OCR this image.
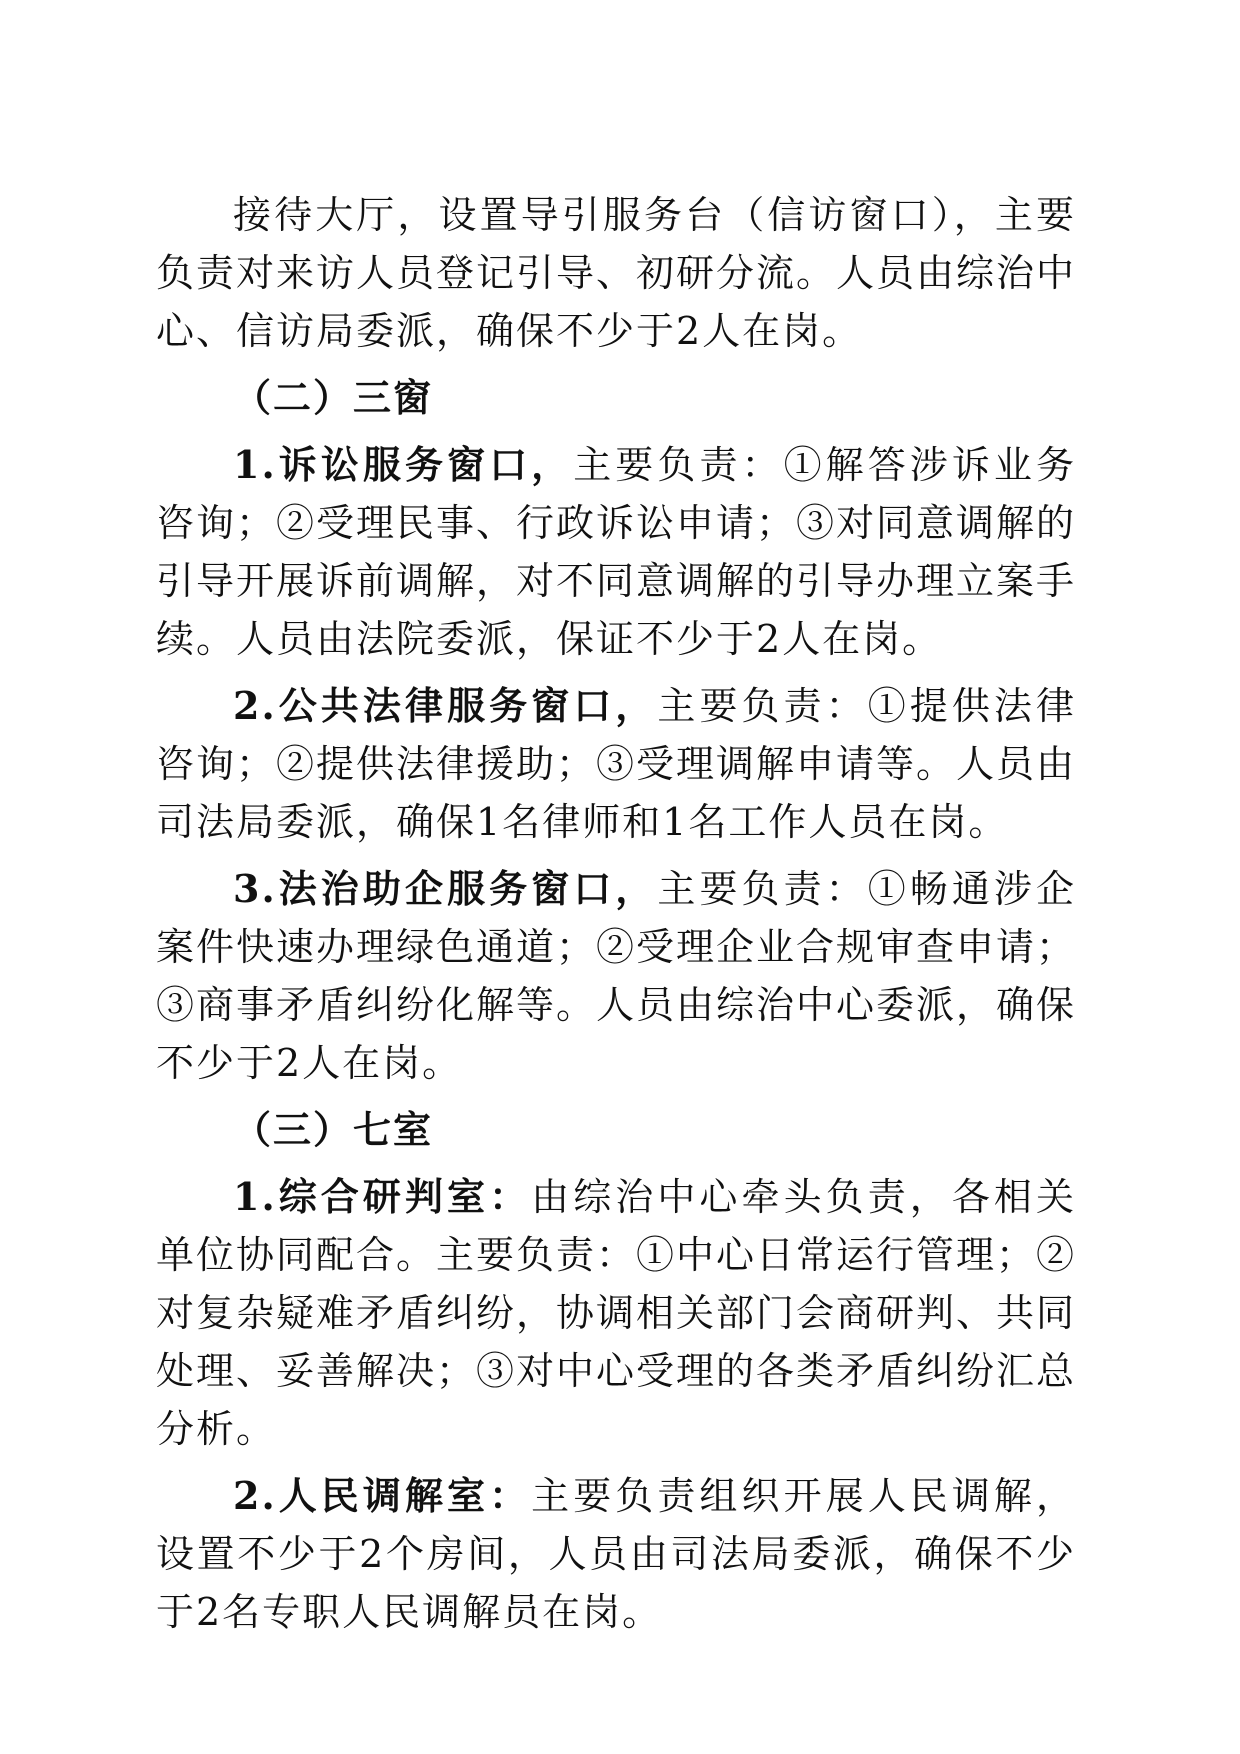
接待大厅，设置导引服务台（信访窗口），主要负责对来访人员登记引导、初研分流。人员由综治中心、信访局委派，确保不少于2人在岗。

（二）三窗

1.诉讼服务窗口，主要负责：①解答涉诉业务咨询；②受理民事、行政诉讼申请；③对同意调解的引导开展诉前调解，对不同意调解的引导办理立案手续。人员由法院委派，保证不少于2人在岗。

2.公共法律服务窗口，主要负责：①提供法律咨询；②提供法律援助；③受理调解申请等。人员由司法局委派，确保1名律师和1名工作人员在岗。

3.法治助企服务窗口，主要负责：①畅通涉企案件快速办理绿色通道；②受理企业合规审查申请；③商事矛盾纠纷化解等。人员由综治中心委派，确保不少于2人在岗。

（三）七室

1.综合研判室：由综治中心牵头负责，各相关单位协同配合。主要负责：①中心日常运行管理；②对复杂疑难矛盾纠纷，协调相关部门会商研判、共同处理、妥善解决；③对中心受理的各类矛盾纠纷汇总分析。

2.人民调解室：主要负责组织开展人民调解，设置不少于2个房间，人员由司法局委派，确保不少于2名专职人民调解员在岗。
